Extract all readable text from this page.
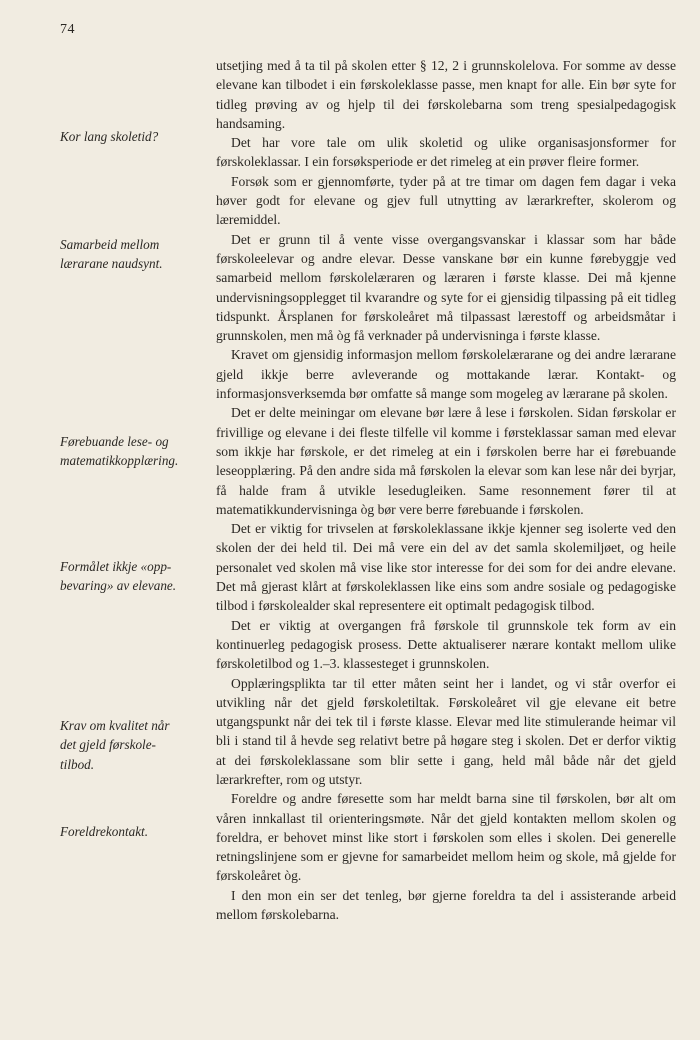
74
Kor lang skoletid?
Samarbeid mellom
lærarane naudsynt.
Førebuande lese- og
matematikkopplæring.
Formålet ikkje «opp-
bevaring» av elevane.
Krav om kvalitet når
det gjeld førskole-
tilbod.
Foreldrekontakt.

utsetjing med å ta til på skolen etter § 12, 2 i grunnskolelova. For somme av desse elevane kan tilbodet i ein førskoleklasse passe, men knapt for alle. Ein bør syte for tidleg prøving av og hjelp til dei førskolebarna som treng spesialpedagogisk handsaming.

Det har vore tale om ulik skoletid og ulike organisasjonsformer for førskoleklassar. I ein forsøksperiode er det rimeleg at ein prøver fleire former.

Forsøk som er gjennomførte, tyder på at tre timar om dagen fem dagar i veka høver godt for elevane og gjev full utnytting av lærarkrefter, skolerom og læremiddel.

Det er grunn til å vente visse overgangsvanskar i klassar som har både førskoleelevar og andre elevar. Desse vanskane bør ein kunne førebyggje ved samarbeid mellom førskolelæraren og læraren i første klasse. Dei må kjenne undervisningsopplegget til kvarandre og syte for ei gjensidig tilpassing på eit tidleg tidspunkt. Årsplanen for førskoleåret må tilpassast lærestoff og arbeidsmåtar i grunnskolen, men må òg få verknader på undervisninga i første klasse.

Kravet om gjensidig informasjon mellom førskolelærarane og dei andre lærarane gjeld ikkje berre avleverande og mottakande lærar. Kontakt- og informasjonsverksemda bør omfatte så mange som mogeleg av lærarane på skolen.

Det er delte meiningar om elevane bør lære å lese i førskolen. Sidan førskolar er frivillige og elevane i dei fleste tilfelle vil komme i førsteklassar saman med elevar som ikkje har førskole, er det rimeleg at ein i førskolen berre har ei førebuande leseopplæring. På den andre sida må førskolen la elevar som kan lese når dei byrjar, få halde fram å utvikle lesedugleiken. Same resonnement fører til at matematikkundervisninga òg bør vere berre førebuande i førskolen.

Det er viktig for trivselen at førskoleklassane ikkje kjenner seg isolerte ved den skolen der dei held til. Dei må vere ein del av det samla skolemiljøet, og heile personalet ved skolen må vise like stor interesse for dei som for dei andre elevane. Det må gjerast klårt at førskoleklassen like eins som andre sosiale og pedagogiske tilbod i førskolealder skal representere eit optimalt pedagogisk tilbod.

Det er viktig at overgangen frå førskole til grunnskole tek form av ein kontinuerleg pedagogisk prosess. Dette aktualiserer nærare kontakt mellom ulike førskoletilbod og 1.–3. klassesteget i grunnskolen.

Opplæringsplikta tar til etter måten seint her i landet, og vi står overfor ei utvikling når det gjeld førskoletiltak. Førskoleåret vil gje elevane eit betre utgangspunkt når dei tek til i første klasse. Elevar med lite stimulerande heimar vil bli i stand til å hevde seg relativt betre på høgare steg i skolen. Det er derfor viktig at dei førskoleklassane som blir sette i gang, held mål både når det gjeld lærarkrefter, rom og utstyr.

Foreldre og andre føresette som har meldt barna sine til førskolen, bør alt om våren innkallast til orienteringsmøte. Når det gjeld kontakten mellom skolen og foreldra, er behovet minst like stort i førskolen som elles i skolen. Dei generelle retningslinjene som er gjevne for samarbeidet mellom heim og skole, må gjelde for førskoleåret òg.

I den mon ein ser det tenleg, bør gjerne foreldra ta del i assisterande arbeid mellom førskolebarna.
